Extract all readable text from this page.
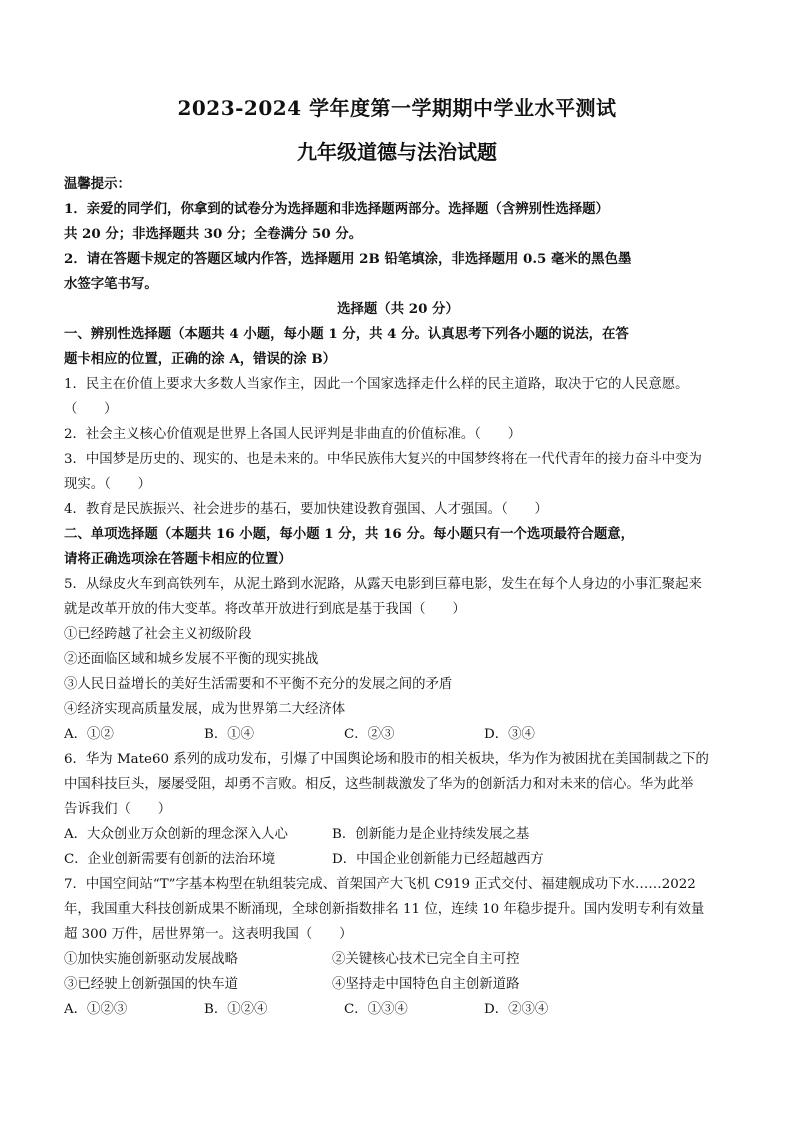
2023-2024 学年度第一学期期中学业水平测试
九年级道德与法治试题
温馨提示：
1．亲爱的同学们，你拿到的试卷分为选择题和非选择题两部分。选择题（含辨别性选择题）
共 20 分；非选择题共 30 分；全卷满分 50 分。
2．请在答题卡规定的答题区域内作答，选择题用 2B 铅笔填涂，非选择题用 0.5 毫米的黑色墨
水签字笔书写。
选择题（共 20 分）
一、辨别性选择题（本题共 4 小题，每小题 1 分，共 4 分。认真思考下列各小题的说法，在答
题卡相应的位置，正确的涂 A，错误的涂 B）
1．民主在价值上要求大多数人当家作主，因此一个国家选择走什么样的民主道路，取决于它的人民意愿。
（　　）
2．社会主义核心价值观是世界上各国人民评判是非曲直的价值标准。（　　）
3．中国梦是历史的、现实的、也是未来的。中华民族伟大复兴的中国梦终将在一代代青年的接力奋斗中变为
现实。（　　）
4．教育是民族振兴、社会进步的基石，要加快建设教育强国、人才强国。（　　）
二、单项选择题（本题共 16 小题，每小题 1 分，共 16 分。每小题只有一个选项最符合题意，
请将正确选项涂在答题卡相应的位置）
5．从绿皮火车到高铁列车，从泥土路到水泥路，从露天电影到巨幕电影，发生在每个人身边的小事汇聚起来
就是改革开放的伟大变革。将改革开放进行到底是基于我国（　　）
①已经跨越了社会主义初级阶段
②还面临区域和城乡发展不平衡的现实挑战
③人民日益增长的美好生活需要和不平衡不充分的发展之间的矛盾
④经济实现高质量发展，成为世界第二大经济体
A．①②	B．①④	C．②③	D．③④
6．华为 Mate60 系列的成功发布，引爆了中国舆论场和股市的相关板块，华为作为被困扰在美国制裁之下的
中国科技巨头，屡屡受阻，却勇不言败。相反，这些制裁激发了华为的创新活力和对未来的信心。华为此举
告诉我们（　　）
A．大众创业万众创新的理念深入人心	B．创新能力是企业持续发展之基
C．企业创新需要有创新的法治环境	D．中国企业创新能力已经超越西方
7．中国空间站“T”字基本构型在轨组装完成、首架国产大飞机 C919 正式交付、福建舰成功下水……2022
年，我国重大科技创新成果不断涌现，全球创新指数排名 11 位，连续 10 年稳步提升。国内发明专利有效量
超 300 万件，居世界第一。这表明我国（　　）
①加快实施创新驱动发展战略	②关键核心技术已完全自主可控
③已经驶上创新强国的快车道	④坚持走中国特色自主创新道路
A．①②③	B．①②④	C．①③④	D．②③④
